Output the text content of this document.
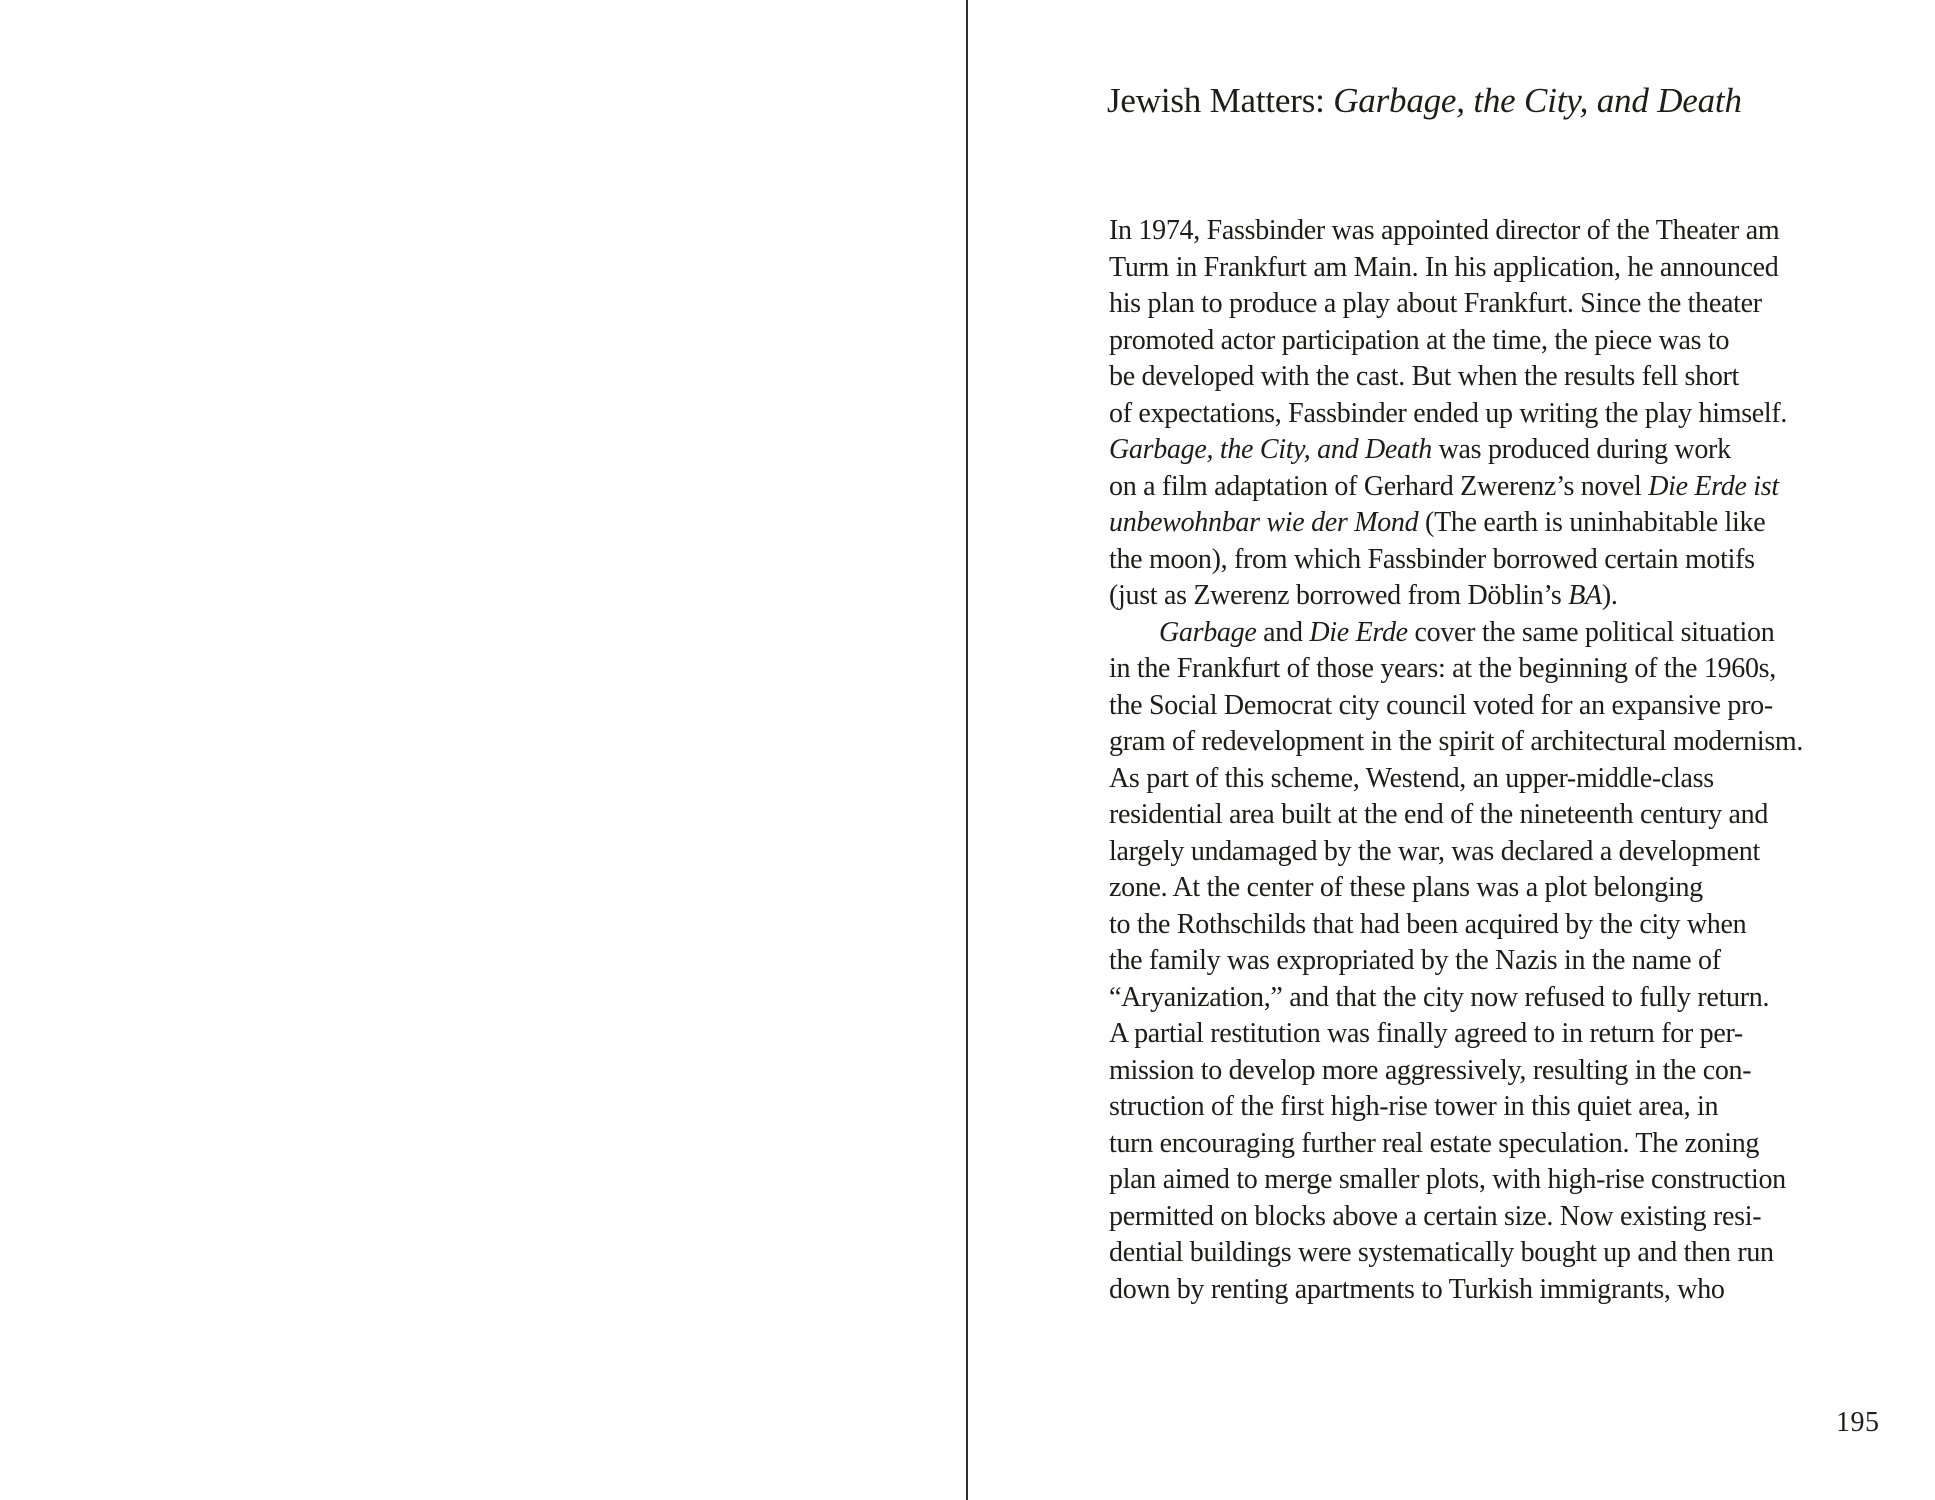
Jewish Matters: Garbage, the City, and Death
In 1974, Fassbinder was appointed director of the Theater am
Turm in Frankfurt am Main. In his application, he announced
his plan to produce a play about Frankfurt. Since the theater
promoted actor participation at the time, the piece was to
be developed with the cast. But when the results fell short
of expectations, Fassbinder ended up writing the play himself.
Garbage, the City, and Death was produced during work
on a film adaptation of Gerhard Zwerenz’s novel Die Erde ist
unbewohnbar wie der Mond (The earth is uninhabitable like
the moon), from which Fassbinder borrowed certain motifs
(just as Zwerenz borrowed from Döblin’s BA).
Garbage and Die Erde cover the same political situation
in the Frankfurt of those years: at the beginning of the 1960s,
the Social Democrat city council voted for an expansive pro-
gram of redevelopment in the spirit of architectural modernism.
As part of this scheme, Westend, an upper-middle-class
residential area built at the end of the nineteenth century and
largely undamaged by the war, was declared a development
zone. At the center of these plans was a plot belonging
to the Rothschilds that had been acquired by the city when
the family was expropriated by the Nazis in the name of
“Aryanization,” and that the city now refused to fully return.
A partial restitution was finally agreed to in return for per-
mission to develop more aggressively, resulting in the con-
struction of the first high-rise tower in this quiet area, in
turn encouraging further real estate speculation. The zoning
plan aimed to merge smaller plots, with high-rise construction
permitted on blocks above a certain size. Now existing resi-
dential buildings were systematically bought up and then run
down by renting apartments to Turkish immigrants, who
195
